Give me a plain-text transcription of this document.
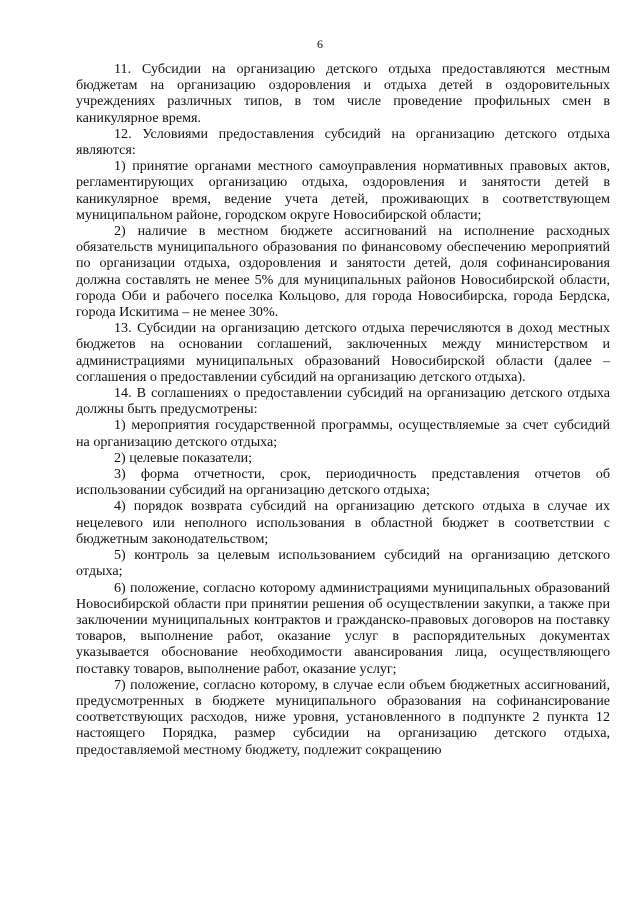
6

11. Субсидии на организацию детского отдыха предоставляются местным бюджетам на организацию оздоровления и отдыха детей в оздоровительных учреждениях различных типов, в том числе проведение профильных смен в каникулярное время.

12. Условиями предоставления субсидий на организацию детского отдыха являются:

1) принятие органами местного самоуправления нормативных правовых актов, регламентирующих организацию отдыха, оздоровления и занятости детей в каникулярное время, ведение учета детей, проживающих в соответствующем муниципальном районе, городском округе Новосибирской области;

2) наличие в местном бюджете ассигнований на исполнение расходных обязательств муниципального образования по финансовому обеспечению мероприятий по организации отдыха, оздоровления и занятости детей, доля софинансирования должна составлять не менее 5% для муниципальных районов Новосибирской области, города Оби и рабочего поселка Кольцово, для города Новосибирска, города Бердска, города Искитима – не менее 30%.

13. Субсидии на организацию детского отдыха перечисляются в доход местных бюджетов на основании соглашений, заключенных между министерством и администрациями муниципальных образований Новосибирской области (далее – соглашения о предоставлении субсидий на организацию детского отдыха).

14. В соглашениях о предоставлении субсидий на организацию детского отдыха должны быть предусмотрены:

1) мероприятия государственной программы, осуществляемые за счет субсидий на организацию детского отдыха;

2) целевые показатели;

3) форма отчетности, срок, периодичность представления отчетов об использовании субсидий на организацию детского отдыха;

4) порядок возврата субсидий на организацию детского отдыха в случае их нецелевого или неполного использования в областной бюджет в соответствии с бюджетным законодательством;

5) контроль за целевым использованием субсидий на организацию детского отдыха;

6) положение, согласно которому администрациями муниципальных образований Новосибирской области при принятии решения об осуществлении закупки, а также при заключении муниципальных контрактов и гражданско-правовых договоров на поставку товаров, выполнение работ, оказание услуг в распорядительных документах указывается обоснование необходимости авансирования лица, осуществляющего поставку товаров, выполнение работ, оказание услуг;

7) положение, согласно которому, в случае если объем бюджетных ассигнований, предусмотренных в бюджете муниципального образования на софинансирование соответствующих расходов, ниже уровня, установленного в подпункте 2 пункта 12 настоящего Порядка, размер субсидии на организацию детского отдыха, предоставляемой местному бюджету, подлежит сокращению
